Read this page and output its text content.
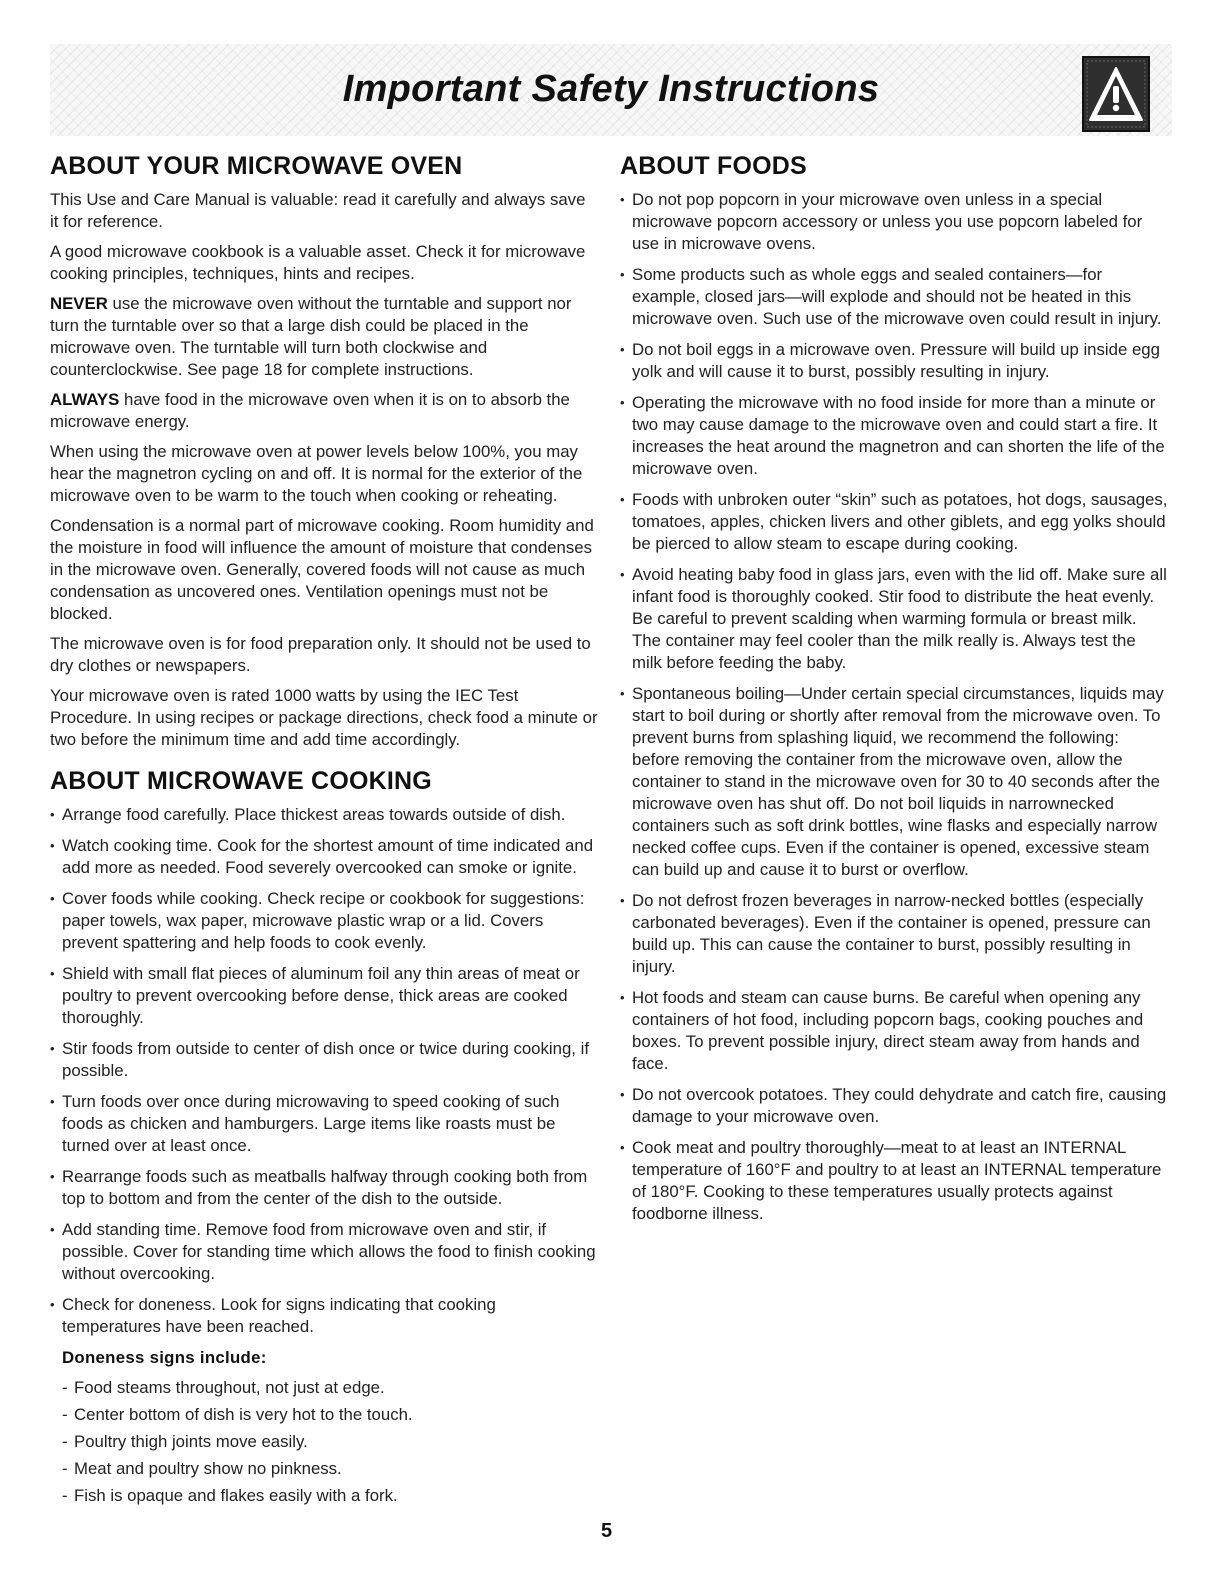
Important Safety Instructions
ABOUT YOUR MICROWAVE OVEN

This Use and Care Manual is valuable: read it carefully and always save it for reference.

A good microwave cookbook is a valuable asset. Check it for microwave cooking principles, techniques, hints and recipes.

NEVER use the microwave oven without the turntable and support nor turn the turntable over so that a large dish could be placed in the microwave oven. The turntable will turn both clockwise and counterclockwise. See page 18 for complete instructions.

ALWAYS have food in the microwave oven when it is on to absorb the microwave energy.

When using the microwave oven at power levels below 100%, you may hear the magnetron cycling on and off. It is normal for the exterior of the microwave oven to be warm to the touch when cooking or reheating.

Condensation is a normal part of microwave cooking. Room humidity and the moisture in food will influence the amount of moisture that condenses in the microwave oven. Generally, covered foods will not cause as much condensation as uncovered ones. Ventilation openings must not be blocked.

The microwave oven is for food preparation only. It should not be used to dry clothes or newspapers.

Your microwave oven is rated 1000 watts by using the IEC Test Procedure. In using recipes or package directions, check food a minute or two before the minimum time and add time accordingly.

ABOUT MICROWAVE COOKING
• Arrange food carefully. Place thickest areas towards outside of dish.
• Watch cooking time. Cook for the shortest amount of time indicated and add more as needed. Food severely overcooked can smoke or ignite.
• Cover foods while cooking. Check recipe or cookbook for suggestions: paper towels, wax paper, microwave plastic wrap or a lid. Covers prevent spattering and help foods to cook evenly.
• Shield with small flat pieces of aluminum foil any thin areas of meat or poultry to prevent overcooking before dense, thick areas are cooked thoroughly.
• Stir foods from outside to center of dish once or twice during cooking, if possible.
• Turn foods over once during microwaving to speed cooking of such foods as chicken and hamburgers. Large items like roasts must be turned over at least once.
• Rearrange foods such as meatballs halfway through cooking both from top to bottom and from the center of the dish to the outside.
• Add standing time. Remove food from microwave oven and stir, if possible. Cover for standing time which allows the food to finish cooking without overcooking.
• Check for doneness. Look for signs indicating that cooking temperatures have been reached.
Doneness signs include:
- Food steams throughout, not just at edge.
- Center bottom of dish is very hot to the touch.
- Poultry thigh joints move easily.
- Meat and poultry show no pinkness.
- Fish is opaque and flakes easily with a fork.
ABOUT FOODS
• Do not pop popcorn in your microwave oven unless in a special microwave popcorn accessory or unless you use popcorn labeled for use in microwave ovens.
• Some products such as whole eggs and sealed containers—for example, closed jars—will explode and should not be heated in this microwave oven. Such use of the microwave oven could result in injury.
• Do not boil eggs in a microwave oven. Pressure will build up inside egg yolk and will cause it to burst, possibly resulting in injury.
• Operating the microwave with no food inside for more than a minute or two may cause damage to the microwave oven and could start a fire. It increases the heat around the magnetron and can shorten the life of the microwave oven.
• Foods with unbroken outer “skin” such as potatoes, hot dogs, sausages, tomatoes, apples, chicken livers and other giblets, and egg yolks should be pierced to allow steam to escape during cooking.
• Avoid heating baby food in glass jars, even with the lid off. Make sure all infant food is thoroughly cooked. Stir food to distribute the heat evenly. Be careful to prevent scalding when warming formula or breast milk. The container may feel cooler than the milk really is. Always test the milk before feeding the baby.
• Spontaneous boiling—Under certain special circumstances, liquids may start to boil during or shortly after removal from the microwave oven. To prevent burns from splashing liquid, we recommend the following: before removing the container from the microwave oven, allow the container to stand in the microwave oven for 30 to 40 seconds after the microwave oven has shut off. Do not boil liquids in narrownecked containers such as soft drink bottles, wine flasks and especially narrow necked coffee cups. Even if the container is opened, excessive steam can build up and cause it to burst or overflow.
• Do not defrost frozen beverages in narrow-necked bottles (especially carbonated beverages). Even if the container is opened, pressure can build up. This can cause the container to burst, possibly resulting in injury.
• Hot foods and steam can cause burns. Be careful when opening any containers of hot food, including popcorn bags, cooking pouches and boxes. To prevent possible injury, direct steam away from hands and face.
• Do not overcook potatoes. They could dehydrate and catch fire, causing damage to your microwave oven.
• Cook meat and poultry thoroughly—meat to at least an INTERNAL temperature of 160°F and poultry to at least an INTERNAL temperature of 180°F. Cooking to these temperatures usually protects against foodborne illness.
5
